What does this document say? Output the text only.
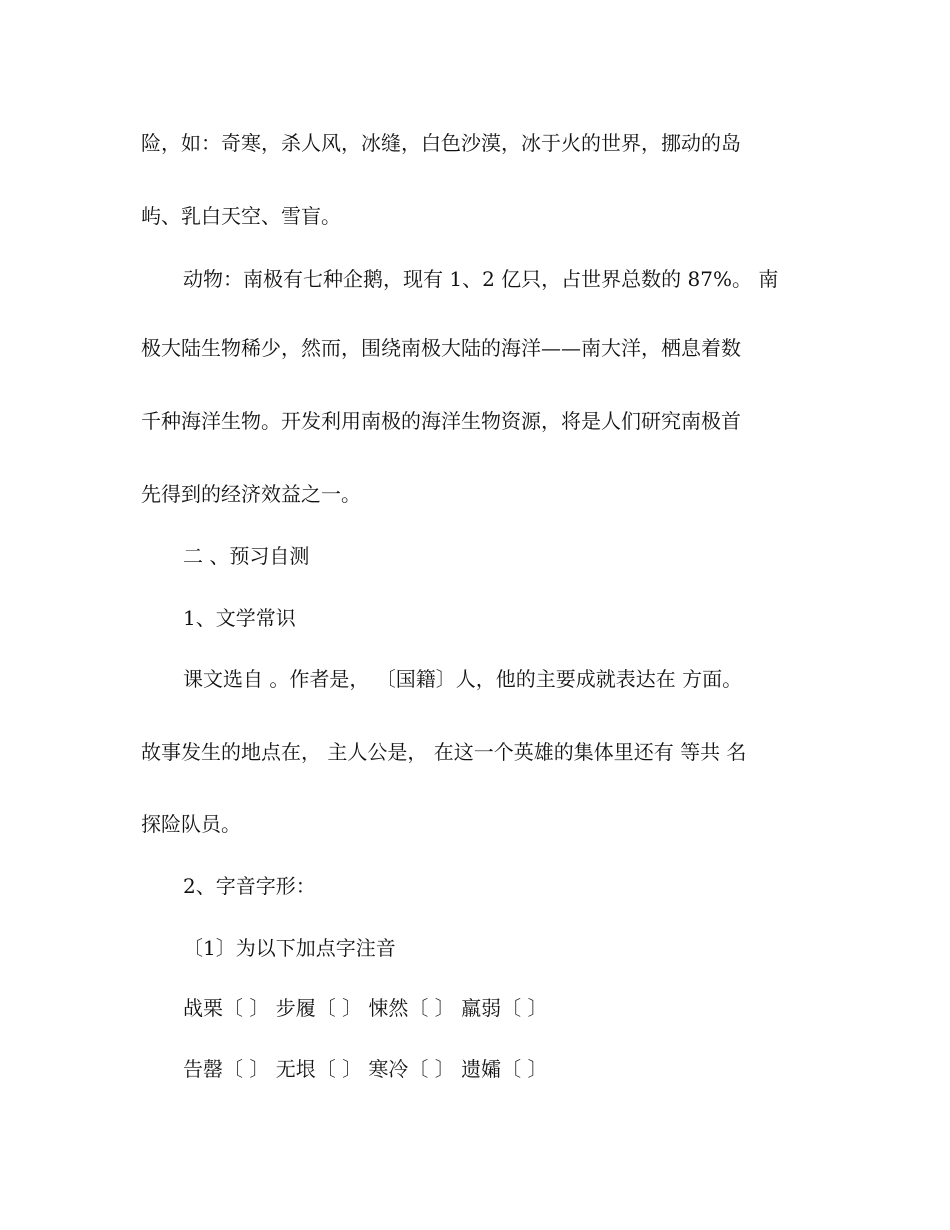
险，如：奇寒，杀人风，冰缝，白色沙漠，冰于火的世界，挪动的岛
屿、乳白天空、雪盲。
动物：南极有七种企鹅，现有 1、2 亿只，占世界总数的 87%。 南
极大陆生物稀少，然而，围绕南极大陆的海洋——南大洋，栖息着数
千种海洋生物。开发利用南极的海洋生物资源，将是人们研究南极首
先得到的经济效益之一。
二 、预习自测
1、文学常识
课文选自 。作者是， 〔国籍〕人，他的主要成就表达在 方面。
故事发生的地点在， 主人公是， 在这一个英雄的集体里还有 等共 名
探险队员。
2、字音字形：
〔1〕为以下加点字注音
战栗〔 〕 步履〔 〕 悚然〔 〕 羸弱〔 〕
告罄〔 〕 无垠〔 〕 寒冷〔 〕 遗孀〔 〕
